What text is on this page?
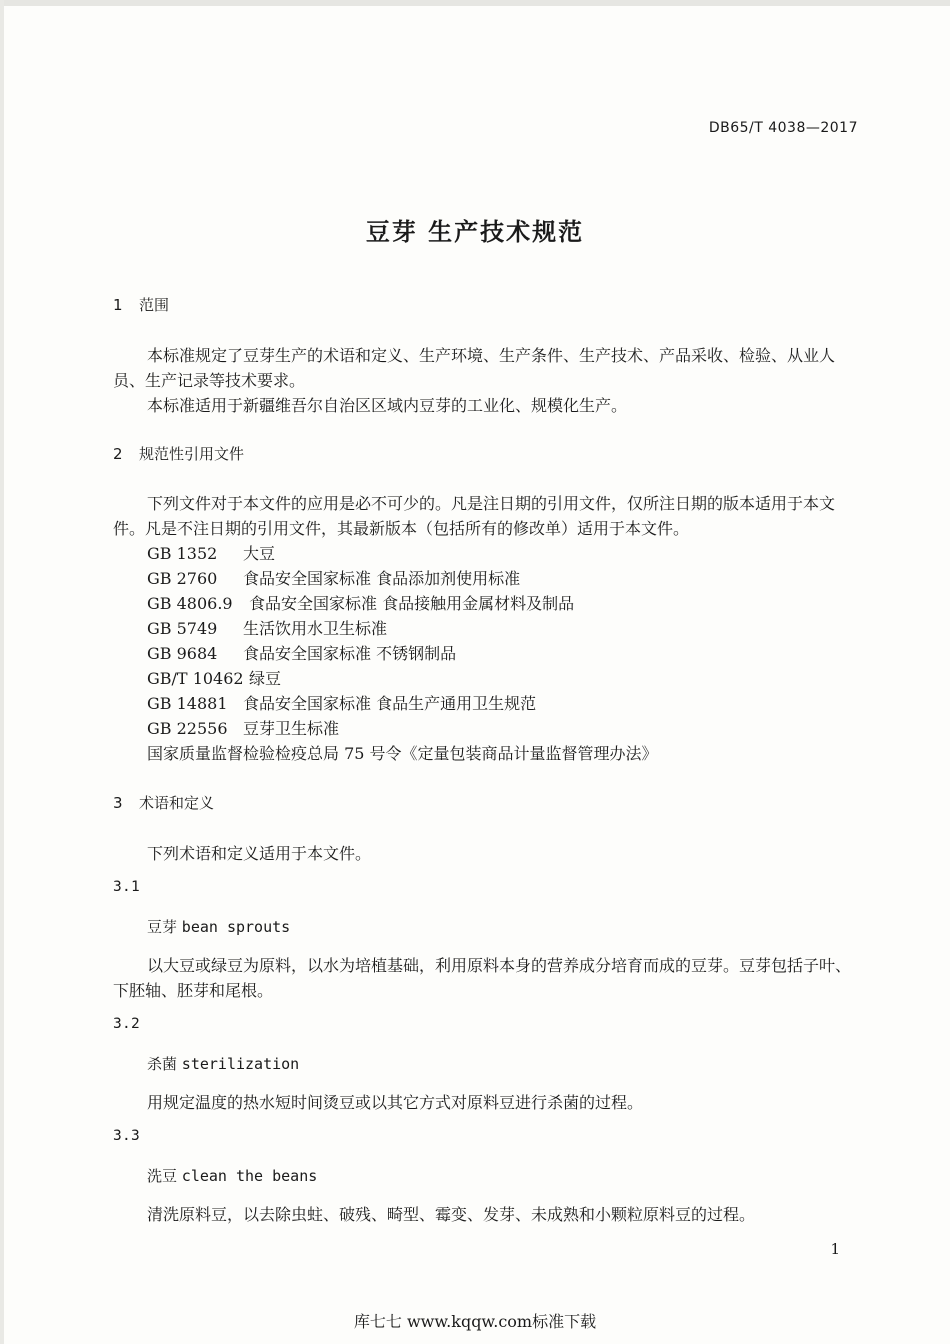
DB65/T 4038—2017
豆芽 生产技术规范
1 范围
本标准规定了豆芽生产的术语和定义、生产环境、生产条件、生产技术、产品采收、检验、从业人
员、生产记录等技术要求。
本标准适用于新疆维吾尔自治区区域内豆芽的工业化、规模化生产。
2 规范性引用文件
下列文件对于本文件的应用是必不可少的。凡是注日期的引用文件，仅所注日期的版本适用于本文
件。凡是不注日期的引用文件，其最新版本（包括所有的修改单）适用于本文件。
GB 1352 大豆
GB 2760 食品安全国家标准 食品添加剂使用标准
GB 4806.9 食品安全国家标准 食品接触用金属材料及制品
GB 5749 生活饮用水卫生标准
GB 9684 食品安全国家标准 不锈钢制品
GB/T 10462 绿豆
GB 14881 食品安全国家标准 食品生产通用卫生规范
GB 22556 豆芽卫生标准
国家质量监督检验检疫总局 75 号令《定量包装商品计量监督管理办法》
3 术语和定义
下列术语和定义适用于本文件。
3.1
豆芽 bean sprouts
以大豆或绿豆为原料，以水为培植基础，利用原料本身的营养成分培育而成的豆芽。豆芽包括子叶、
下胚轴、胚芽和尾根。
3.2
杀菌 sterilization
用规定温度的热水短时间烫豆或以其它方式对原料豆进行杀菌的过程。
3.3
洗豆 clean the beans
清洗原料豆，以去除虫蛀、破残、畸型、霉变、发芽、未成熟和小颗粒原料豆的过程。
1
库七七 www.kqqw.com标准下载
